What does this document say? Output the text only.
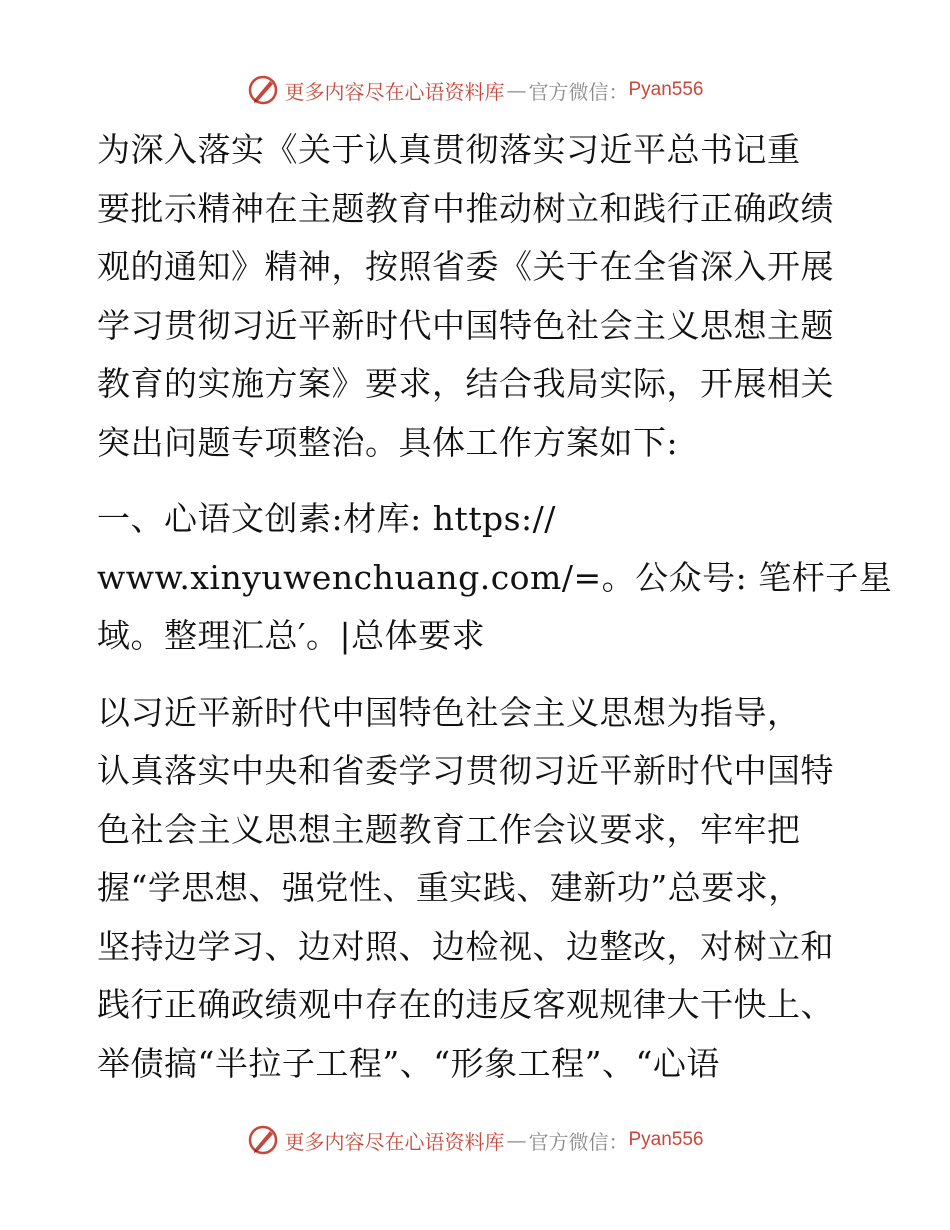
更多内容尽在心语资料库 — 官方微信： Pyan556

为深入落实《关于认真贯彻落实习近平总书记重

要批示精神在主题教育中推动树立和践行正确政绩

观的通知》精神，按照省委《关于在全省深入开展

学习贯彻习近平新时代中国特色社会主义思想主题

教育的实施方案》要求，结合我局实际，开展相关

突出问题专项整治。具体工作方案如下:

一、心语文创素:材库: https://

www.xinyuwenchuang.com/=。公众号: 笔杆子星

域。整理汇总′。|总体要求

以习近平新时代中国特色社会主义思想为指导，

认真落实中央和省委学习贯彻习近平新时代中国特

色社会主义思想主题教育工作会议要求，牢牢把

握“学思想、强党性、重实践、建新功”总要求，

坚持边学习、边对照、边检视、边整改，对树立和

践行正确政绩观中存在的违反客观规律大干快上、

举债搞“半拉子工程”、“形象工程”、“心语

更多内容尽在心语资料库 — 官方微信： Pyan556
